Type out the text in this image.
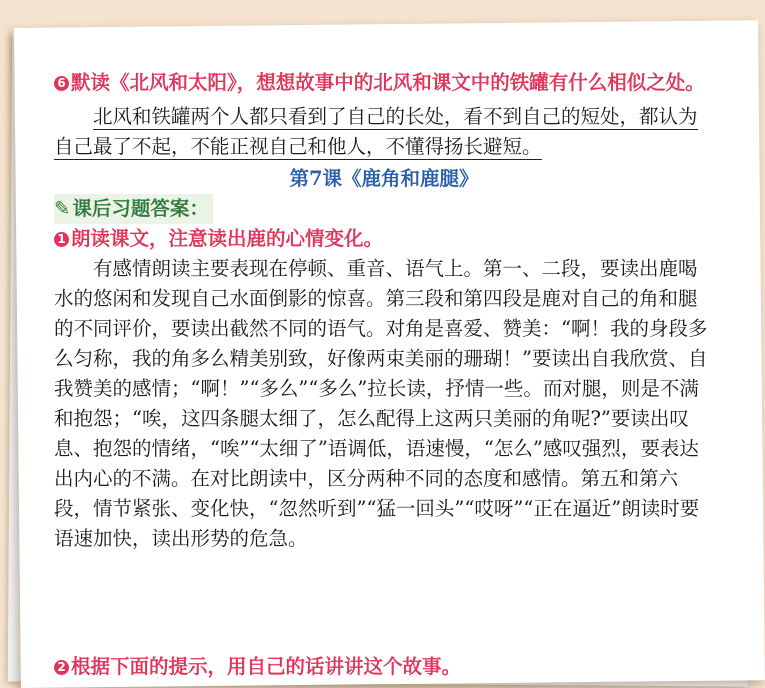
6 默读《北风和太阳》，想想故事中的北风和课文中的铁罐有什么相似之处。
北风和铁罐两个人都只看到了自己的长处，看不到自己的短处，都认为自己最了不起，不能正视自己和他人，不懂得扬长避短。
第7课《鹿角和鹿腿》
✎ 课后习题答案：
1 朗读课文，注意读出鹿的心情变化。

有感情朗读主要表现在停顿、重音、语气上。第一、二段，要读出鹿喝水的悠闲和发现自己水面倒影的惊喜。第三段和第四段是鹿对自己的角和腿的不同评价，要读出截然不同的语气。对角是喜爱、赞美：“啊！我的身段多么匀称，我的角多么精美别致，好像两束美丽的珊瑚！”要读出自我欣赏、自我赞美的感情；“啊！”“多么”“多么”拉长读，抒情一些。而对腿，则是不满和抱怨；“唉，这四条腿太细了，怎么配得上这两只美丽的角呢?”要读出叹息、抱怨的情绪，“唉”“太细了”语调低，语速慢，“怎么”感叹强烈，要表达出内心的不满。在对比朗读中，区分两种不同的态度和感情。第五和第六段，情节紧张、变化快，“忽然听到”“猛一回头”“哎呀”“正在逼近”朗读时要语速加快，读出形势的危急。

2 根据下面的提示，用自己的话讲讲这个故事。
